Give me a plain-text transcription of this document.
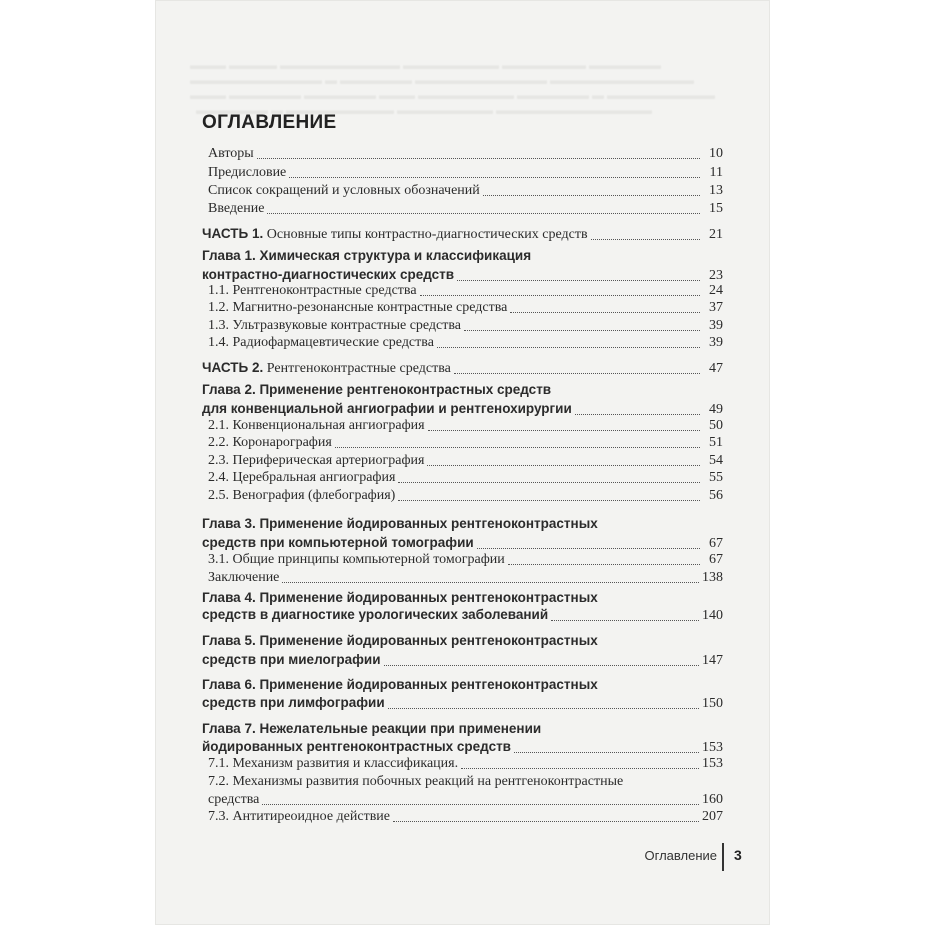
▬▬▬ ▬▬▬▬ ▬▬▬▬▬▬▬▬▬▬ ▬▬▬▬▬▬▬▬ ▬▬▬▬▬▬▬ ▬▬▬▬▬▬
▬▬▬▬▬▬▬▬▬▬▬ ▬ ▬▬▬▬▬▬ ▬▬▬▬▬▬▬▬▬▬▬ ▬▬▬▬▬▬▬▬▬▬▬▬
▬▬▬ ▬▬▬▬▬▬ ▬▬▬▬▬▬ ▬▬▬ ▬▬▬▬▬▬▬▬ ▬▬▬▬▬▬ ▬ ▬▬▬▬▬▬▬▬▬
▬▬▬▬▬▬ ▬ ▬▬▬▬▬▬▬▬▬ ▬▬▬▬▬▬▬▬ ▬▬▬▬▬▬▬▬▬▬▬▬▬
ОГЛАВЛЕНИЕ
Авторы	10
Предисловие	11
Список сокращений и условных обозначений	13
Введение	15
ЧАСТЬ 1. Основные типы контрастно-диагностических средств	21
Глава 1. Химическая структура и классификация
контрастно-диагностических средств	23
1.1. Рентгеноконтрастные средства	24
1.2. Магнитно-резонансные контрастные средства	37
1.3. Ультразвуковые контрастные средства	39
1.4. Радиофармацевтические средства	39
ЧАСТЬ 2. Рентгеноконтрастные средства	47
Глава 2. Применение рентгеноконтрастных средств
для конвенциальной ангиографии и рентгенохирургии	49
2.1. Конвенциональная ангиография	50
2.2. Коронарография	51
2.3. Периферическая артериография	54
2.4. Церебральная ангиография	55
2.5. Венография (флебография)	56
Глава 3. Применение йодированных рентгеноконтрастных
средств при компьютерной томографии	67
3.1. Общие принципы компьютерной томографии	67
Заключение	138
Глава 4. Применение йодированных рентгеноконтрастных
средств в диагностике урологических заболеваний	140
Глава 5. Применение йодированных рентгеноконтрастных
средств при миелографии	147
Глава 6. Применение йодированных рентгеноконтрастных
средств при лимфографии	150
Глава 7. Нежелательные реакции при применении
йодированных рентгеноконтрастных средств	153
7.1. Механизм развития и классификация.	153
7.2. Механизмы развития побочных реакций на рентгеноконтрастные
средства	160
7.3. Антитиреоидное действие	207
Оглавление 3
